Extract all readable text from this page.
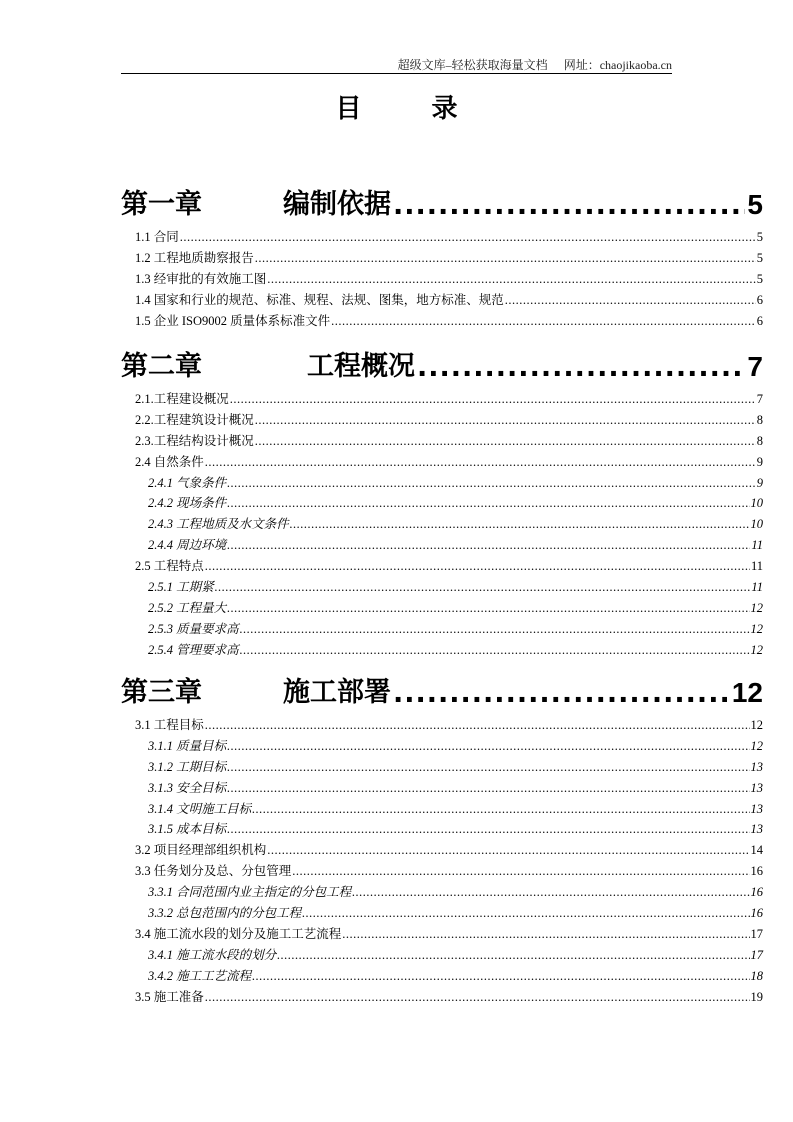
超级文库–轻松获取海量文档 网址：chaojikaoba.cn
目	录
第一章	编制依据 .....	5
1.1 合同 .....	5
1.2 工程地质勘察报告 .....	5
1.3 经审批的有效施工图 .....	5
1.4 国家和行业的规范、标准、规程、法规、图集，地方标准、规范 .....	6
1.5 企业 ISO9002 质量体系标准文件 .....	6
第二章	工程概况 .....	7
2.1.工程建设概况 .....	7
2.2.工程建筑设计概况 .....	8
2.3.工程结构设计概况 .....	8
2.4 自然条件 .....	9
2.4.1 气象条件 .....	9
2.4.2 现场条件 .....	10
2.4.3 工程地质及水文条件 .....	10
2.4.4 周边环境 .....	11
2.5 工程特点 .....	11
2.5.1 工期紧 .....	11
2.5.2 工程量大 .....	12
2.5.3 质量要求高 .....	12
2.5.4 管理要求高 .....	12
第三章	施工部署 .....	12
3.1 工程目标 .....	12
3.1.1 质量目标 .....	12
3.1.2 工期目标 .....	13
3.1.3 安全目标 .....	13
3.1.4 文明施工目标 .....	13
3.1.5 成本目标 .....	13
3.2 项目经理部组织机构 .....	14
3.3 任务划分及总、分包管理 .....	16
3.3.1 合同范围内业主指定的分包工程 .....	16
3.3.2 总包范围内的分包工程 .....	16
3.4 施工流水段的划分及施工工艺流程 .....	17
3.4.1 施工流水段的划分 .....	17
3.4.2 施工工艺流程 .....	18
3.5 施工准备 .....	19
